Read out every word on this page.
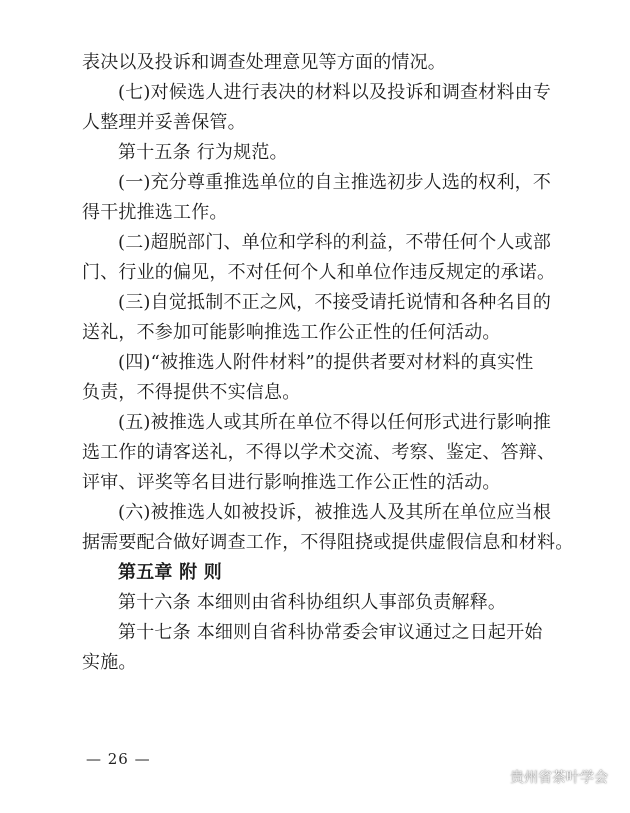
表决以及投诉和调查处理意见等方面的情况。
(七)对候选人进行表决的材料以及投诉和调查材料由专
人整理并妥善保管。
第十五条 行为规范。
(一)充分尊重推选单位的自主推选初步人选的权利，不
得干扰推选工作。
(二)超脱部门、单位和学科的利益，不带任何个人或部
门、行业的偏见，不对任何个人和单位作违反规定的承诺。
(三)自觉抵制不正之风，不接受请托说情和各种名目的
送礼，不参加可能影响推选工作公正性的任何活动。
(四)“被推选人附件材料”的提供者要对材料的真实性
负责，不得提供不实信息。
(五)被推选人或其所在单位不得以任何形式进行影响推
选工作的请客送礼，不得以学术交流、考察、鉴定、答辩、
评审、评奖等名目进行影响推选工作公正性的活动。
(六)被推选人如被投诉，被推选人及其所在单位应当根
据需要配合做好调查工作，不得阻挠或提供虚假信息和材料。
第五章 附 则
第十六条 本细则由省科协组织人事部负责解释。
第十七条 本细则自省科协常委会审议通过之日起开始
实施。

— 26 —
贵州省茶叶学会
